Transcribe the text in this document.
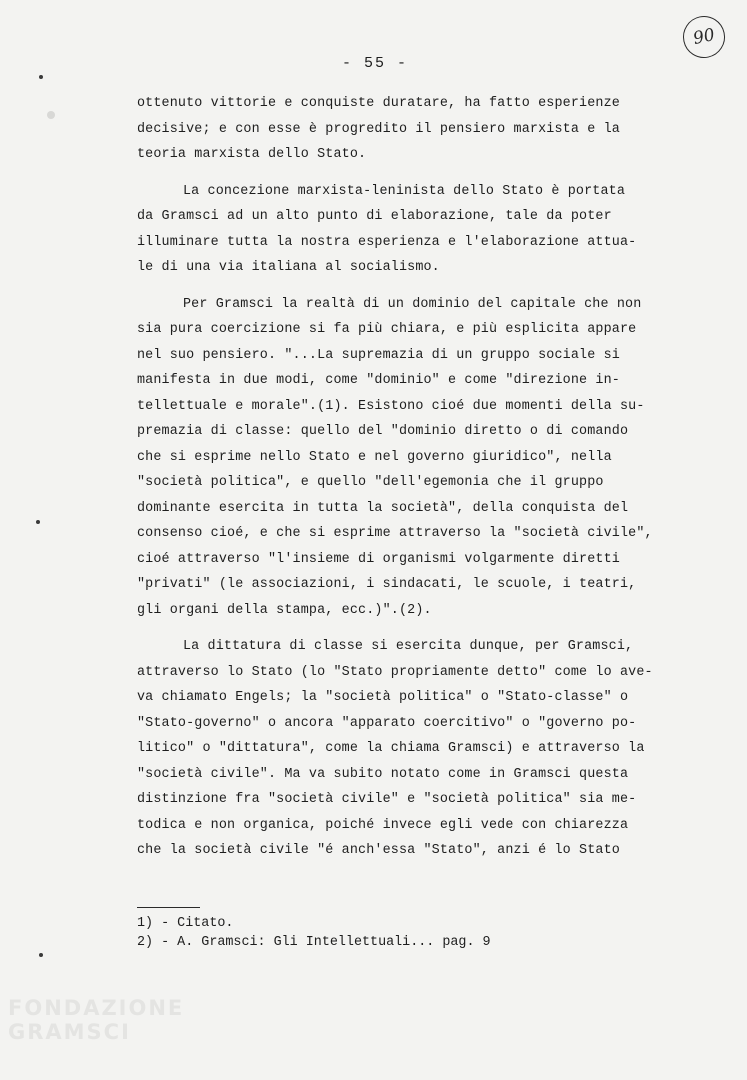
90
- 55 -
ottenuto vittorie e conquiste duratare, ha fatto esperienze
decisive; e con esse è progredito il pensiero marxista e la
teoria marxista dello Stato.
La concezione marxista-leninista dello Stato è portata
da Gramsci ad un alto punto di elaborazione, tale da poter
illuminare tutta la nostra esperienza e l'elaborazione attua-
le di una via italiana al socialismo.
Per Gramsci la realtà di un dominio del capitale che non
sia pura coercizione si fa più chiara, e più esplicita appare
nel suo pensiero. "...La supremazia di un gruppo sociale si
manifesta in due modi, come "dominio" e come "direzione in-
tellettuale e morale".(1). Esistono cioé due momenti della su-
premazia di classe: quello del "dominio diretto o di comando
che si esprime nello Stato e nel governo giuridico", nella
"società politica", e quello "dell'egemonia che il gruppo
dominante esercita in tutta la società", della conquista del
consenso cioé, e che si esprime attraverso la "società civile",
cioé attraverso "l'insieme di organismi volgarmente diretti
"privati" (le associazioni, i sindacati, le scuole, i teatri,
gli organi della stampa, ecc.)".(2).
La dittatura di classe si esercita dunque, per Gramsci,
attraverso lo Stato (lo "Stato propriamente detto" come lo ave-
va chiamato Engels; la "società politica" o "Stato-classe" o
"Stato-governo" o ancora "apparato coercitivo" o "governo po-
litico" o "dittatura", come la chiama Gramsci) e attraverso la
"società civile". Ma va subito notato come in Gramsci questa
distinzione fra "società civile" e "società politica" sia me-
todica e non organica, poiché invece egli vede con chiarezza
che la società civile "é anch'essa "Stato", anzi é lo Stato
1) - Citato.
2) - A. Gramsci: Gli Intellettuali... pag. 9
FONDAZIONE
GRAMSCI
